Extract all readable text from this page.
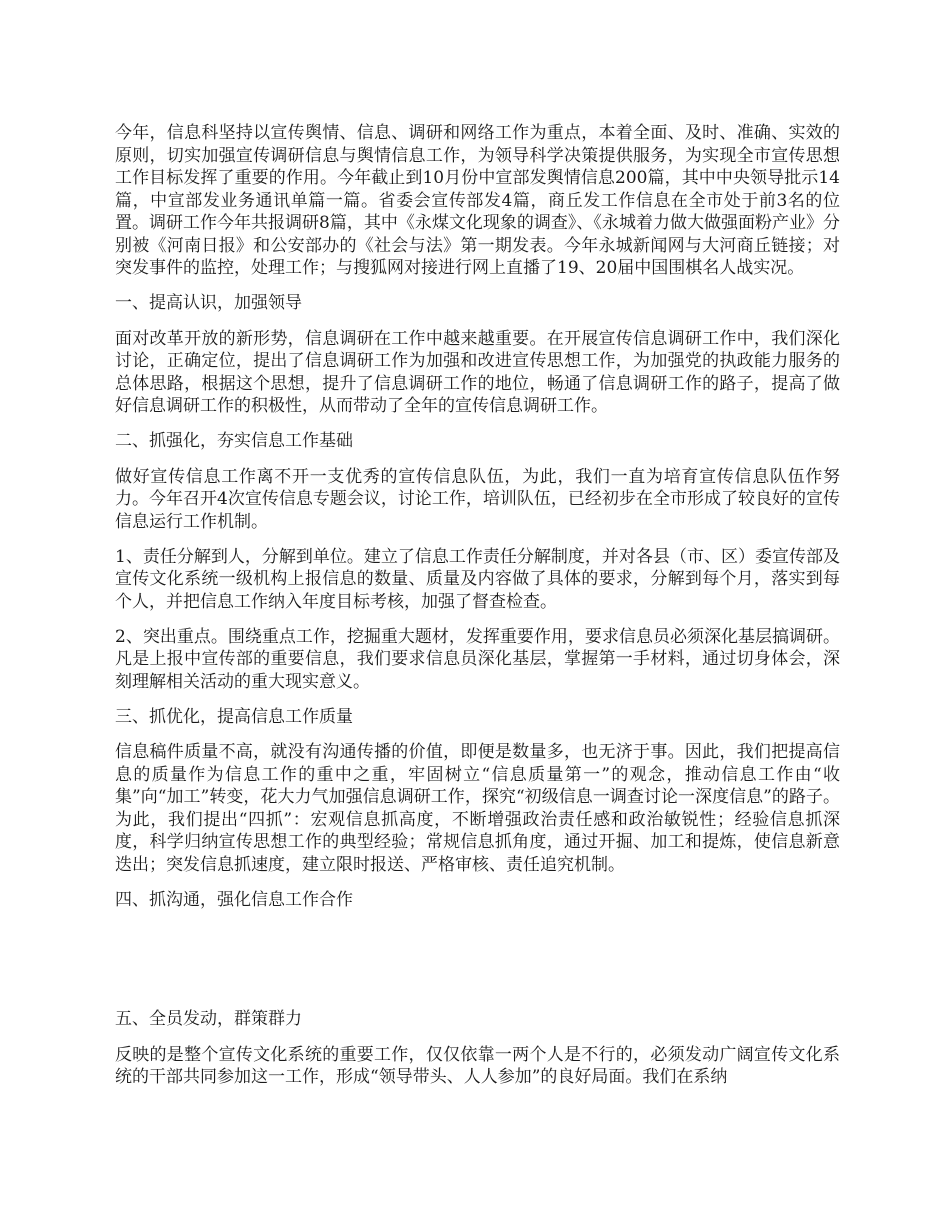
今年，信息科坚持以宣传舆情、信息、调研和网络工作为重点，本着全面、及时、准确、实效的原则，切实加强宣传调研信息与舆情信息工作，为领导科学决策提供服务，为实现全市宣传思想工作目标发挥了重要的作用。今年截止到10月份中宣部发舆情信息200篇，其中中央领导批示14篇，中宣部发业务通讯单篇一篇。省委会宣传部发4篇，商丘发工作信息在全市处于前3名的位置。调研工作今年共报调研8篇，其中《永煤文化现象的调查》、《永城着力做大做强面粉产业》分别被《河南日报》和公安部办的《社会与法》第一期发表。今年永城新闻网与大河商丘链接；对突发事件的监控，处理工作；与搜狐网对接进行网上直播了19、20届中国围棋名人战实况。

一、提高认识，加强领导

面对改革开放的新形势，信息调研在工作中越来越重要。在开展宣传信息调研工作中，我们深化讨论，正确定位，提出了信息调研工作为加强和改进宣传思想工作，为加强党的执政能力服务的总体思路，根据这个思想，提升了信息调研工作的地位，畅通了信息调研工作的路子，提高了做好信息调研工作的积极性，从而带动了全年的宣传信息调研工作。

二、抓强化，夯实信息工作基础

做好宣传信息工作离不开一支优秀的宣传信息队伍，为此，我们一直为培育宣传信息队伍作努力。今年召开4次宣传信息专题会议，讨论工作，培训队伍，已经初步在全市形成了较良好的宣传信息运行工作机制。

1、责任分解到人，分解到单位。建立了信息工作责任分解制度，并对各县（市、区）委宣传部及宣传文化系统一级机构上报信息的数量、质量及内容做了具体的要求，分解到每个月，落实到每个人，并把信息工作纳入年度目标考核，加强了督查检查。

2、突出重点。围绕重点工作，挖掘重大题材，发挥重要作用，要求信息员必须深化基层搞调研。凡是上报中宣传部的重要信息，我们要求信息员深化基层，掌握第一手材料，通过切身体会，深刻理解相关活动的重大现实意义。

三、抓优化，提高信息工作质量

信息稿件质量不高，就没有沟通传播的价值，即便是数量多，也无济于事。因此，我们把提高信息的质量作为信息工作的重中之重，牢固树立“信息质量第一”的观念，推动信息工作由“收集”向“加工”转变，花大力气加强信息调研工作，探究“初级信息一调查讨论一深度信息”的路子。为此，我们提出“四抓”：宏观信息抓高度，不断增强政治责任感和政治敏锐性；经验信息抓深度，科学归纳宣传思想工作的典型经验；常规信息抓角度，通过开掘、加工和提炼，使信息新意迭出；突发信息抓速度，建立限时报送、严格审核、责任追究机制。

四、抓沟通，强化信息工作合作

五、全员发动，群策群力

反映的是整个宣传文化系统的重要工作，仅仅依靠一两个人是不行的，必须发动广阔宣传文化系统的干部共同参加这一工作，形成“领导带头、人人参加”的良好局面。我们在系纳
